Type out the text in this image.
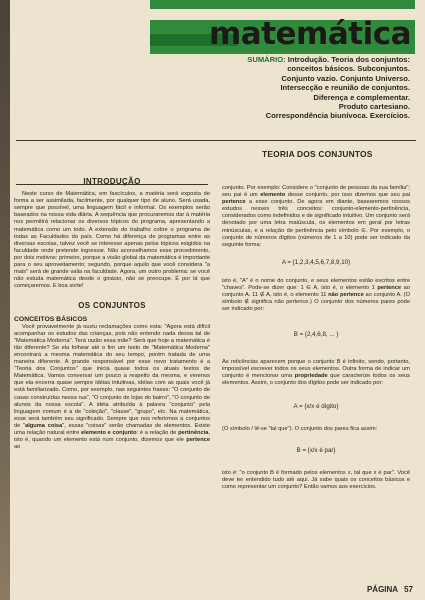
matemática
SUMÁRIO: Introdução. Teoria dos conjuntos:
conceitos básicos. Subconjuntos.
Conjunto vazio. Conjunto Universo.
Intersecção e reunião de conjuntos.
Diferença e complementar.
Produto cartesiano.
Correspondência biunívoca. Exercícios.
TEORIA DOS CONJUNTOS
INTRODUÇÃO

Neste curso de Matemática, em fascículos, a matéria será exposta de forma a ser assimilada, facilmente, por qualquer tipo de aluno. Será usada, sempre que possível, uma linguagem fácil e informal. Os exemplos serão baseados na nossa vida diária. A sequência que procuraremos dar à matéria nos permitirá relacionar os diversos tópicos do programa, apresentando a matemática como um todo. A extensão do trabalho cobre o programa de todas as Faculdades do país. Como há diferença de programas entre as diversas escolas, talvez você se interesse apenas pelos tópicos exigidos na faculdade onde pretende ingressar. Não aconselhamos esse procedimento, por dois motivos: primeiro, porque a visão global da matemática é importante para o seu aproveitamento; segundo, porque aquilo que você considera "a mais" será de grande valia na faculdade. Agora, um outro problema: se você não estuda matemática desde o ginásio, não se preocupe. É por lá que começaremos. E boa sorte!

OS CONJUNTOS
CONCEITOS BÁSICOS

Você provavelmente já ouviu reclamações como esta: "Agora está difícil acompanhar os estudos das crianças, pois não entendo nada dessa tal de "Matemática Moderna". Terá razão essa mãe? Será que hoje a matemática é tão diferente? Se ela folhear até o fim um texto de "Matemática Moderna" encontrará a mesma matemática do seu tempo, porém tratada de uma maneira diferente. A grande responsável por esse novo tratamento é a "Teoria dos Conjuntos" que inicia quase todos os atuais textos de Matemática. Vamos conversar um pouco a respeito da mesma, e verenos que ela encerra quase sempre idéias intuitivas, idéias com as quais você já está familiarizado. Como, por exemplo, nas seguintes frases: "O conjunto de casas construídas nessa rua", "O conjunto de lojas do bairro", "O conjunto de alunos da nossa escola". A idéia atribuída à palavra "conjunto" pela linguagem comum é a de "coleção", "classe", "grupo", etc. Na matemática, esse será também seu significado. Sempre que nos referirmos a conjuntos de "alguma coisa", essas "coisas" serão chamadas de elementos. Existe uma relação natural entre elemento e conjunto: é a relação de pertinência, isto é, quando um elemento está num conjunto, dizemos que ele pertence ao

conjunto. Por exemplo: Considere o "conjunto de pessoas da sua família"; seu pai é um elemento desse conjunto, por isso dizemos que seu pai pertence a esse conjunto. De agora em diante, basearemos nossos estudos nesses três conceitos: conjunto-elemento-pertinência, considerados como indefinidos e de significado intuitivo. Um conjunto será denotado por uma letra maiúscula, os elementos em geral por letras minúsculas, e a relação de pertinência pelo símbolo ∈. Por exemplo, o conjunto de números dígitos (números de 1 a 10) pode ser indicado da seguinte forma:

A = {1,2,3,4,5,6,7,8,9,10}

isto é, "A" é o nome do conjunto, e seus elementos estão escritos entre "chaves". Pode-se dizer que: 1 ∈ A, isto é, o elemento 1 pertence ao conjunto A. 11 ∉ A, isto é, o elemento 11 não pertence ao conjunto A. (O símbolo ∉ significa não pertence.) O conjunto dos números pares pode ser indicado por:

B = {2,4,6,8, ... }

As reticências aparecem porque o conjunto B é infinito, sendo, portanto, impossível escrever todos os seus elementos. Outra forma de indicar um conjunto é mencionar uma propriedade que caracterize todos os seus elementos. Assim, o conjunto dos dígitos pode ser indicado por:

A = {x/x é dígito}

(O símbolo / lê-se "tal que"). O conjunto dos pares fica assim:

B = {x/x é par}

isto é: "o conjunto B é formado pelos elementos x, tal que x é par". Você deve ter entendido tudo até aqui. Já sabe quais os conceitos básicos e como representar um conjunto? Então vamos aos exercícios.

PÁGINA 57
